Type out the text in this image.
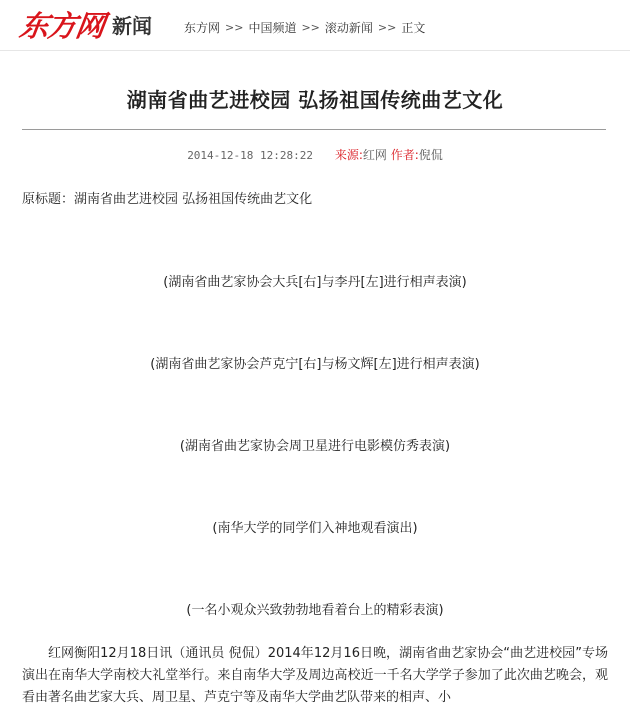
东方网 新闻	东方网 >> 中国频道 >> 滚动新闻 >> 正文
湖南省曲艺进校园 弘扬祖国传统曲艺文化
2014-12-18 12:28:22 来源:红网 作者:倪侃
原标题：湖南省曲艺进校园 弘扬祖国传统曲艺文化
(湖南省曲艺家协会大兵[右]与李丹[左]进行相声表演)
(湖南省曲艺家协会芦克宁[右]与杨文辉[左]进行相声表演)
(湖南省曲艺家协会周卫星进行电影模仿秀表演)
(南华大学的同学们入神地观看演出)
(一名小观众兴致勃勃地看着台上的精彩表演)

红网衡阳12月18日讯（通讯员 倪侃）2014年12月16日晚，湖南省曲艺家协会“曲艺进校园”专场演出在南华大学南校大礼堂举行。来自南华大学及周边高校近一千名大学学子参加了此次曲艺晚会，观看由著名曲艺家大兵、周卫星、芦克宁等及南华大学曲艺队带来的相声、小
